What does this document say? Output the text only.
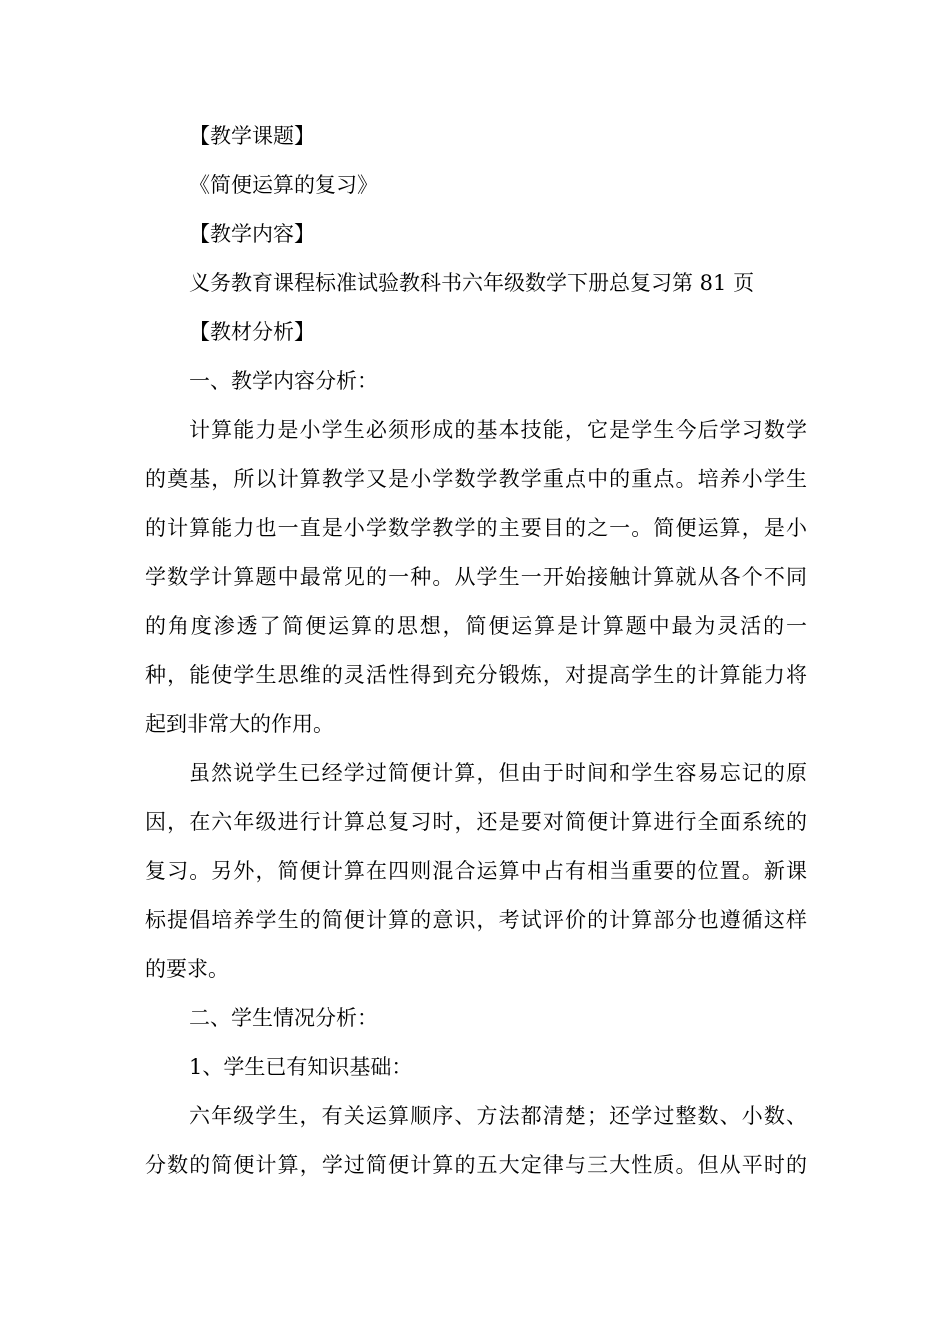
【教学课题】

《简便运算的复习》

【教学内容】

义务教育课程标准试验教科书六年级数学下册总复习第 81 页

【教材分析】

一、教学内容分析：

计算能力是小学生必须形成的基本技能，它是学生今后学习数学
的奠基，所以计算教学又是小学数学教学重点中的重点。培养小学生
的计算能力也一直是小学数学教学的主要目的之一。简便运算，是小
学数学计算题中最常见的一种。从学生一开始接触计算就从各个不同
的角度渗透了简便运算的思想，简便运算是计算题中最为灵活的一
种，能使学生思维的灵活性得到充分锻炼，对提高学生的计算能力将
起到非常大的作用。
虽然说学生已经学过简便计算，但由于时间和学生容易忘记的原
因，在六年级进行计算总复习时，还是要对简便计算进行全面系统的
复习。另外，简便计算在四则混合运算中占有相当重要的位置。新课
标提倡培养学生的简便计算的意识，考试评价的计算部分也遵循这样
的要求。

二、学生情况分析：

1、学生已有知识基础：

六年级学生，有关运算顺序、方法都清楚；还学过整数、小数、
分数的简便计算，学过简便计算的五大定律与三大性质。但从平时的
